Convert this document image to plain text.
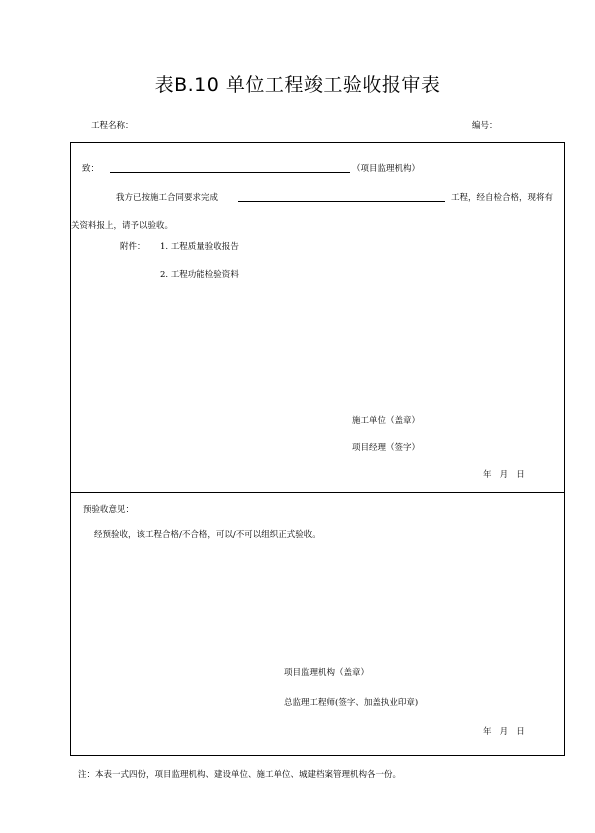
表B.10 单位工程竣工验收报审表
工程名称：	编号：
致：	（项目监理机构）
我方已按施工合同要求完成	工程，经自检合格，现将有
关资料报上，请予以验收。
附件： 1. 工程质量验收报告
2. 工程功能检验资料
施工单位（盖章）
项目经理（签字）
年   月   日
预验收意见：
经预验收，该工程合格/不合格，可以/不可以组织正式验收。
项目监理机构（盖章）
总监理工程师(签字、加盖执业印章)
年   月   日
注：本表一式四份，项目监理机构、建设单位、施工单位、城建档案管理机构各一份。
